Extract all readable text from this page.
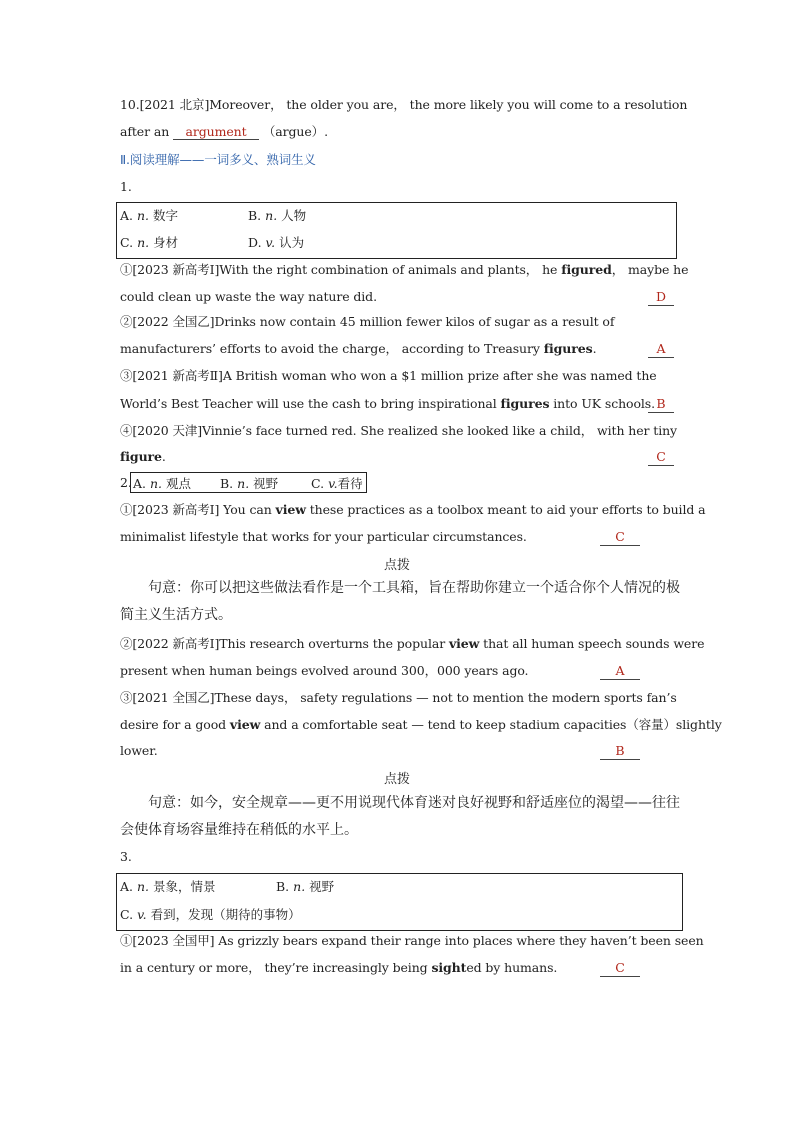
10.[2021 北京]Moreover， the older you are， the more likely you will come to a resolution
after an argument （argue）.
Ⅱ.阅读理解——一词多义、熟词生义
1.
A. n. 数字	B. n. 人物
C. n. 身材	D. v. 认为
①[2023 新高考Ⅰ]With the right combination of animals and plants， he figured， maybe he
could clean up waste the way nature did.	D
②[2022 全国乙]Drinks now contain 45 million fewer kilos of sugar as a result of
manufacturers’ efforts to avoid the charge， according to Treasury figures.	A
③[2021 新高考Ⅱ]A British woman who won a $1 million prize after she was named the
World’s Best Teacher will use the cash to bring inspirational figures into UK schools. B
④[2020 天津]Vinnie’s face turned red. She realized she looked like a child， with her tiny
figure.	C
2. A. n. 观点 B. n. 视野	C. v.看待
①[2023 新高考Ⅰ] You can view these practices as a toolbox meant to aid your efforts to build a
minimalist lifestyle that works for your particular circumstances.	C
点拨
句意：你可以把这些做法看作是一个工具箱，旨在帮助你建立一个适合你个人情况的极简主义生活方式。
②[2022 新高考Ⅰ]This research overturns the popular view that all human speech sounds were
present when human beings evolved around 300，000 years ago.	A
③[2021 全国乙]These days， safety regulations — not to mention the modern sports fan’s
desire for a good view and a comfortable seat — tend to keep stadium capacities（容量）slightly
lower.	B
点拨
句意：如今，安全规章——更不用说现代体育迷对良好视野和舒适座位的渴望——往往会使体育场容量维持在稍低的水平上。
3.
A. n. 景象，情景	B. n. 视野
C. v. 看到，发现（期待的事物）
①[2023 全国甲] As grizzly bears expand their range into places where they haven’t been seen
in a century or more， they’re increasingly being sighted by humans.	C
